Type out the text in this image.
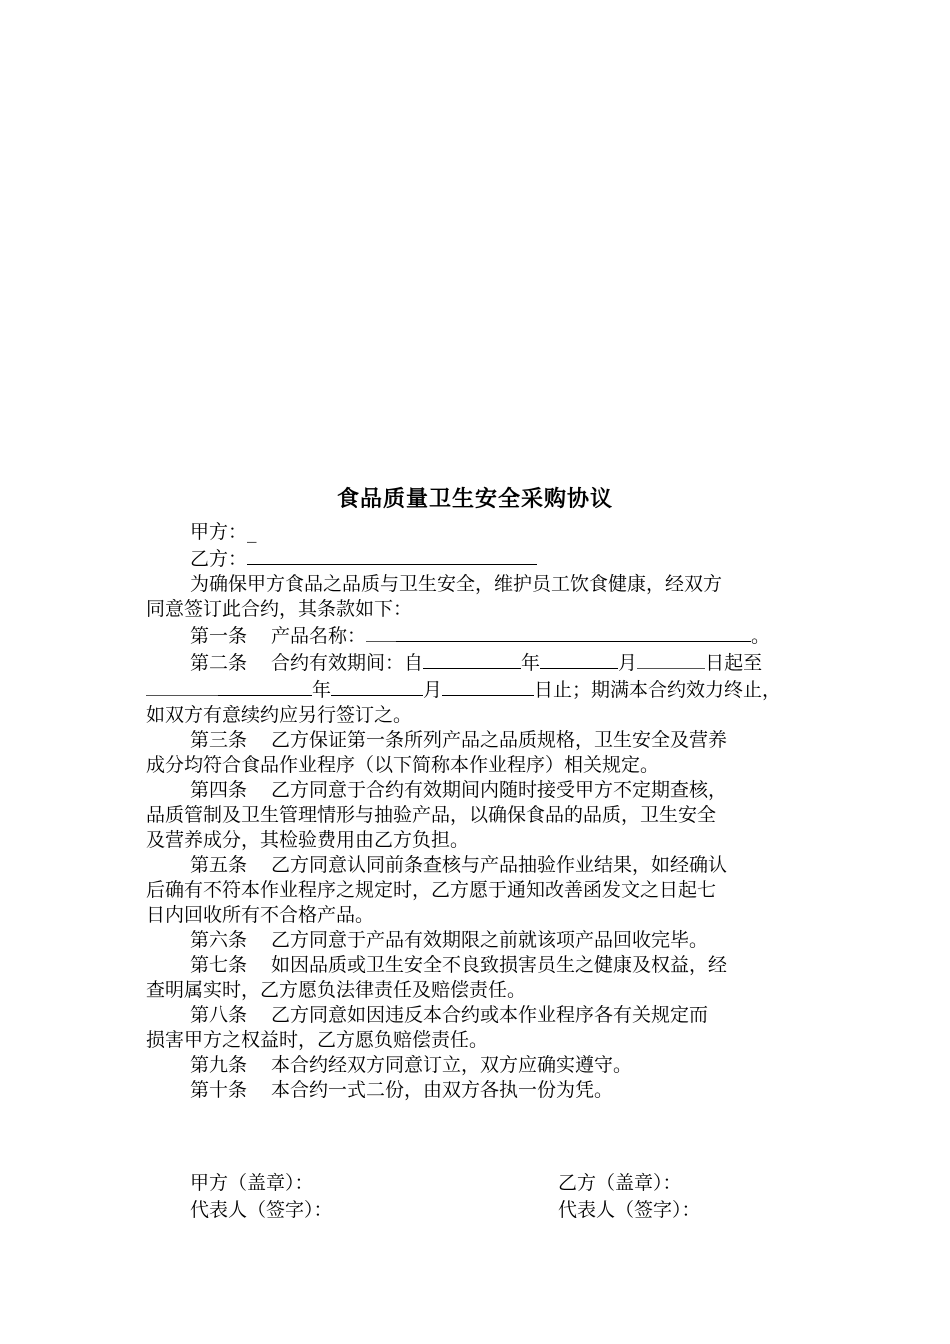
食品质量卫生安全采购协议
甲方：_
乙方：
为确保甲方食品之品质与卫生安全，维护员工饮食健康，经双方
同意签订此合约，其条款如下：
第一条 产品名称：	。
第二条 合约有效期间：自	年	月	日起至
年	月	日止；期满本合约效力终止，
如双方有意续约应另行签订之。
第三条 乙方保证第一条所列产品之品质规格，卫生安全及营养
成分均符合食品作业程序（以下简称本作业程序）相关规定。
第四条 乙方同意于合约有效期间内随时接受甲方不定期查核，
品质管制及卫生管理情形与抽验产品，以确保食品的品质，卫生安全
及营养成分，其检验费用由乙方负担。
第五条 乙方同意认同前条查核与产品抽验作业结果，如经确认
后确有不符本作业程序之规定时，乙方愿于通知改善函发文之日起七
日内回收所有不合格产品。
第六条 乙方同意于产品有效期限之前就该项产品回收完毕。
第七条 如因品质或卫生安全不良致损害员生之健康及权益，经
查明属实时，乙方愿负法律责任及赔偿责任。
第八条 乙方同意如因违反本合约或本作业程序各有关规定而
损害甲方之权益时，乙方愿负赔偿责任。
第九条 本合约经双方同意订立，双方应确实遵守。
第十条 本合约一式二份，由双方各执一份为凭。
甲方（盖章）：
代表人（签字）：
乙方（盖章）：
代表人（签字）：
